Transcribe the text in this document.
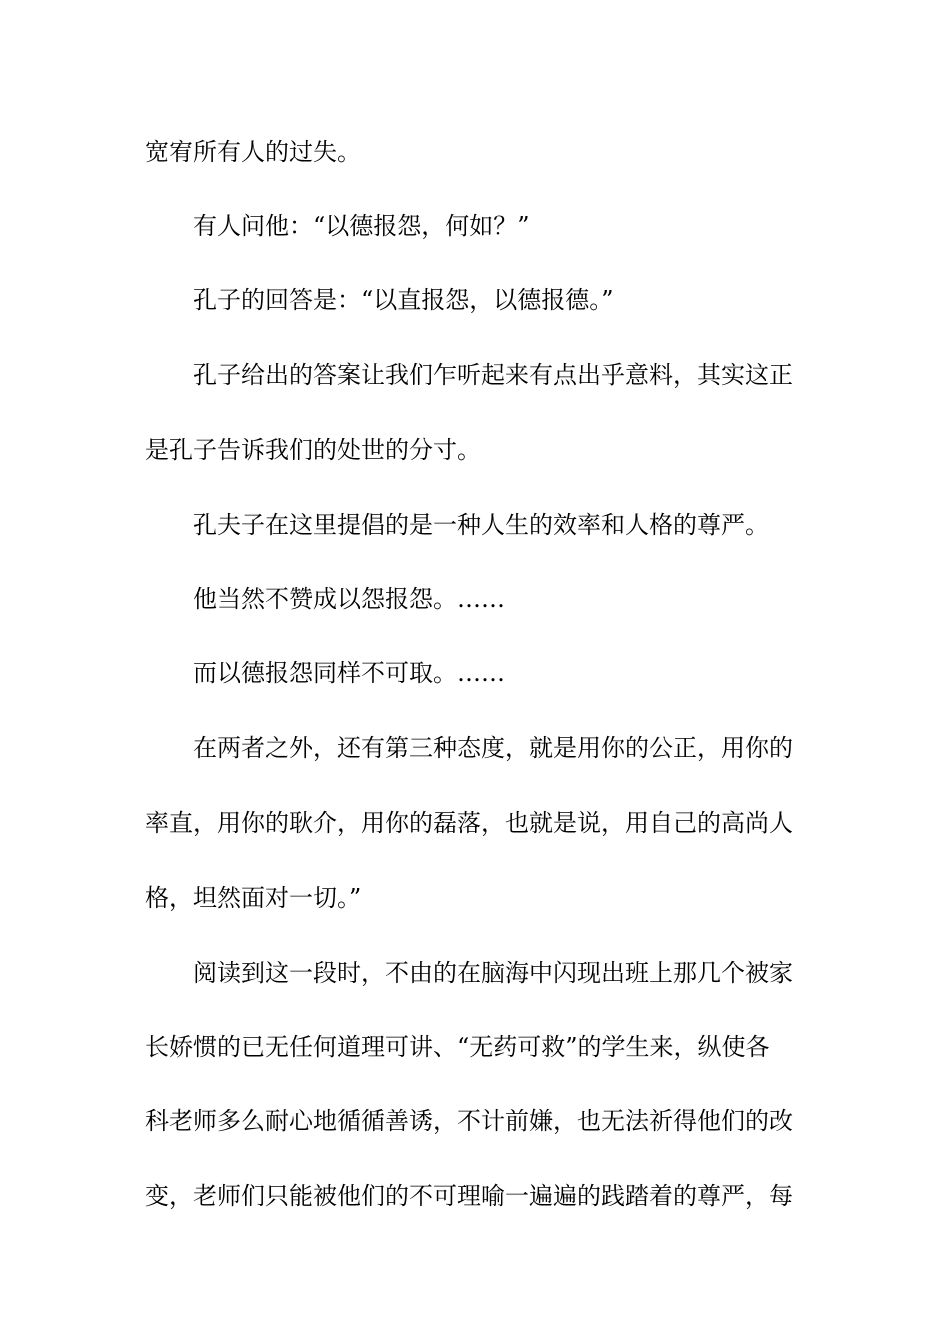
宽宥所有人的过失。
有人问他：“以德报怨，何如？”
孔子的回答是：“以直报怨，以德报德。”
孔子给出的答案让我们乍听起来有点出乎意料，其实这正
是孔子告诉我们的处世的分寸。
孔夫子在这里提倡的是一种人生的效率和人格的尊严。
他当然不赞成以怨报怨。……
而以德报怨同样不可取。……
在两者之外，还有第三种态度，就是用你的公正，用你的
率直，用你的耿介，用你的磊落，也就是说，用自己的高尚人
格，坦然面对一切。”
阅读到这一段时，不由的在脑海中闪现出班上那几个被家
长娇惯的已无任何道理可讲、“无药可救”的学生来，纵使各
科老师多么耐心地循循善诱，不计前嫌，也无法祈得他们的改
变，老师们只能被他们的不可理喻一遍遍的践踏着的尊严，每
